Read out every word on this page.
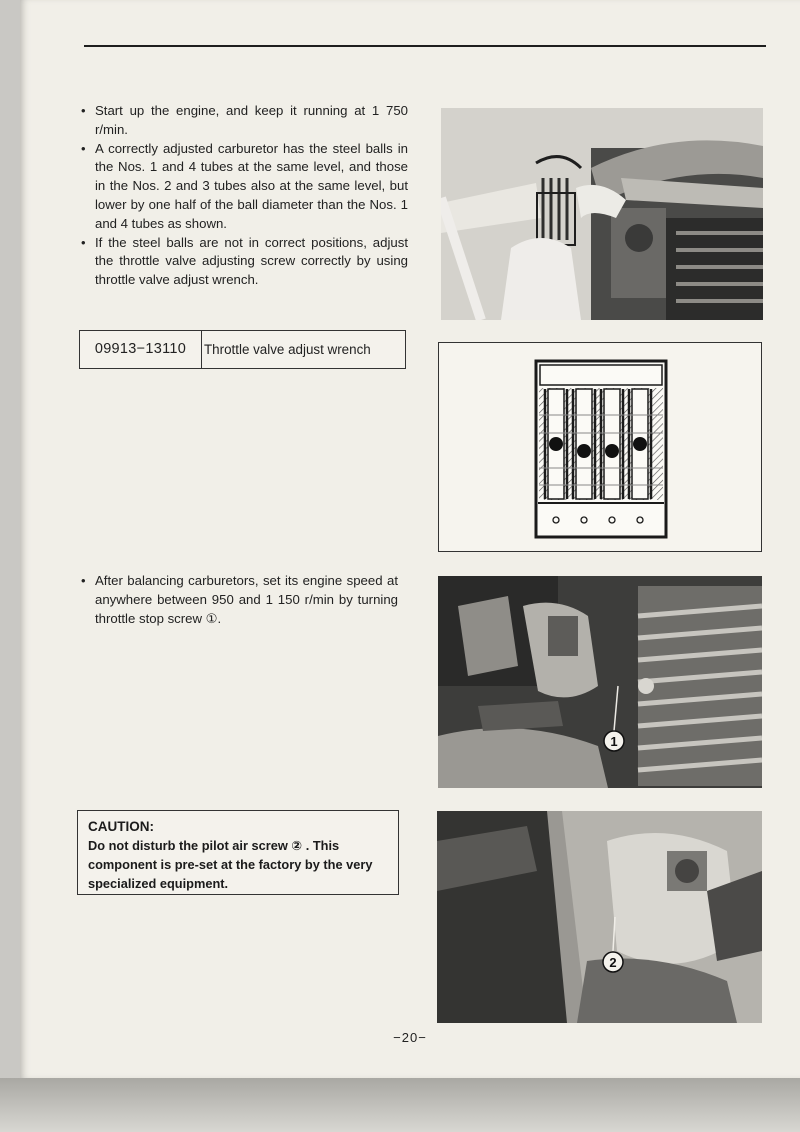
• Start up the engine, and keep it running at 1 750 r/min.
• A correctly adjusted carburetor has the steel balls in the Nos. 1 and 4 tubes at the same level, and those in the Nos. 2 and 3 tubes also at the same level, but lower by one half of the ball diameter than the Nos. 1 and 4 tubes as shown.
• If the steel balls are not in correct positions, adjust the throttle valve adjusting screw correctly by using throttle valve adjust wrench.
09913−13110	Throttle valve adjust wrench
• After balancing carburetors, set its engine speed at anywhere between 950 and 1 150 r/min by turning throttle stop screw ①.
CAUTION:
Do not disturb the pilot air screw ② . This component is pre-set at the factory by the very specialized equipment.
1
2
−20−
